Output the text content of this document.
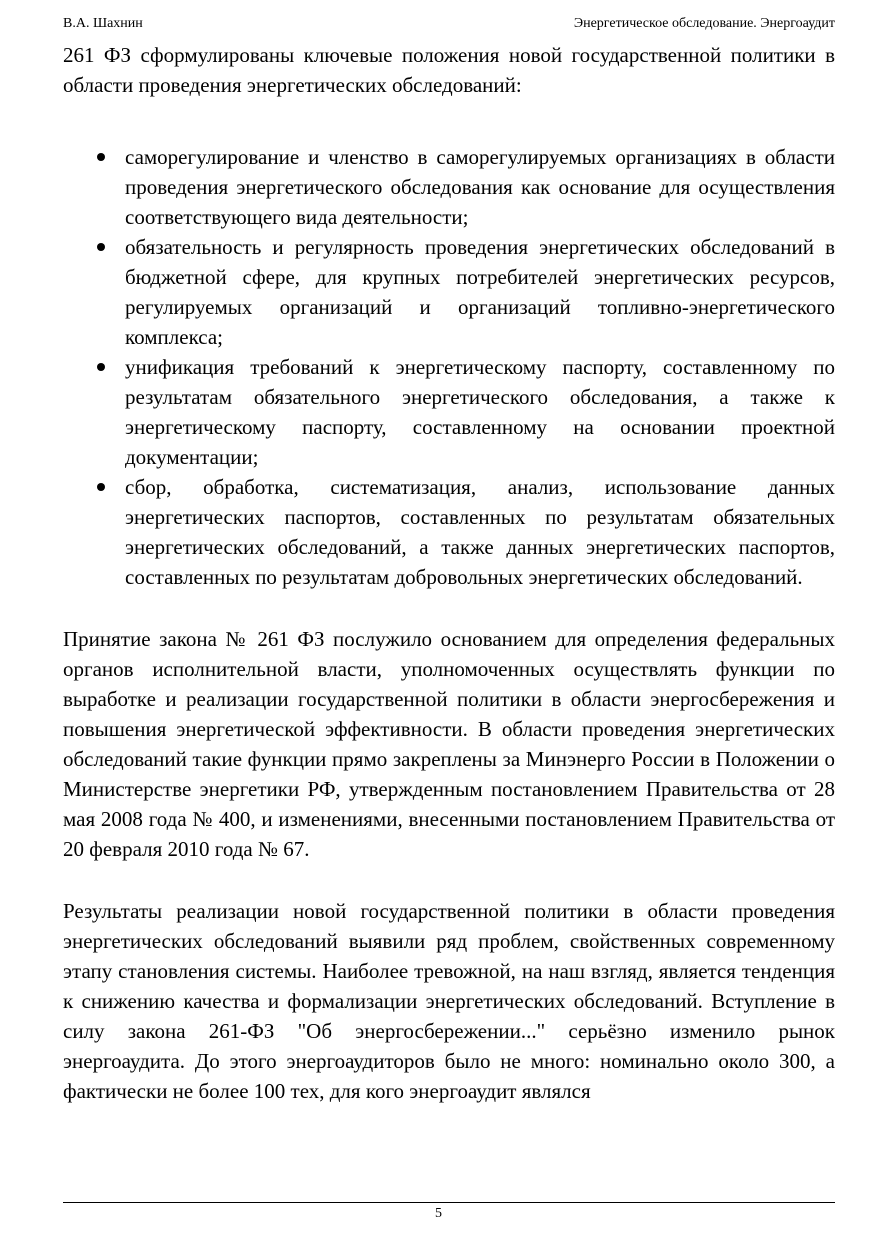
В.А. Шахнин	Энергетическое обследование. Энергоаудит

261 ФЗ сформулированы ключевые положения новой государственной политики в области проведения энергетических обследований:

саморегулирование и членство в саморегулируемых организациях в области проведения энергетического обследования как основание для осуществления соответствующего вида деятельности;
обязательность и регулярность проведения энергетических обследований в бюджетной сфере, для крупных потребителей энергетических ресурсов, регулируемых организаций и организаций топливно-энергетического комплекса;
унификация требований к энергетическому паспорту, составленному по результатам обязательного энергетического обследования, а также к энергетическому паспорту, составленному на основании проектной документации;
сбор, обработка, систематизация, анализ, использование данных энергетических паспортов, составленных по результатам обязательных энергетических обследований, а также данных энергетических паспортов, составленных по результатам добровольных энергетических обследований.

Принятие закона № 261 ФЗ послужило основанием для определения федеральных органов исполнительной власти, уполномоченных осуществлять функции по выработке и реализации государственной политики в области энергосбережения и повышения энергетической эффективности. В области проведения энергетических обследований такие функции прямо закреплены за Минэнерго России в Положении о Министерстве энергетики РФ, утвержденным постановлением Правительства от 28 мая 2008 года № 400, и изменениями, внесенными постановлением Правительства от 20 февраля 2010 года № 67.

Результаты реализации новой государственной политики в области проведения энергетических обследований выявили ряд проблем, свойственных современному этапу становления системы. Наиболее тревожной, на наш взгляд, является тенденция к снижению качества и формализации энергетических обследований. Вступление в силу закона 261-ФЗ "Об энергосбережении..." серьёзно изменило рынок энергоаудита. До этого энергоаудиторов было не много: номинально около 300, а фактически не более 100 тех, для кого энергоаудит являлся

5
